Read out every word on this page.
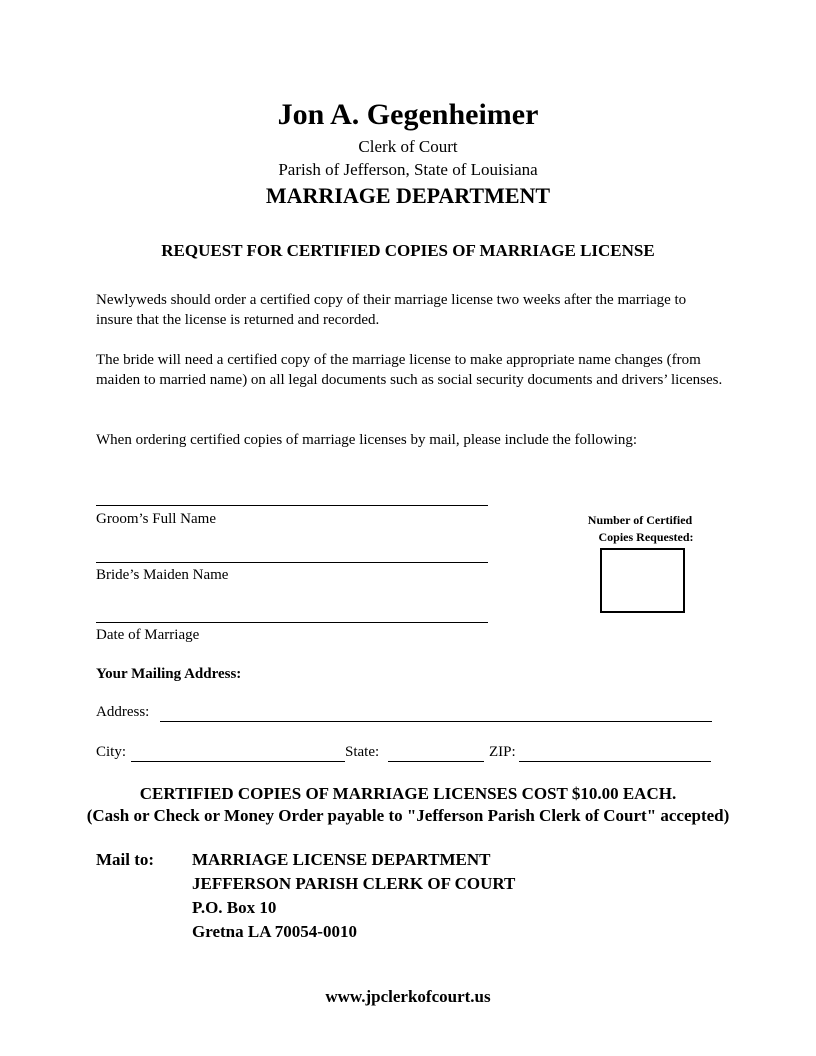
Jon A. Gegenheimer
Clerk of Court
Parish of Jefferson, State of Louisiana
MARRIAGE DEPARTMENT
REQUEST FOR CERTIFIED COPIES OF MARRIAGE LICENSE
Newlyweds should order a certified copy of their marriage license two weeks after the marriage to insure that the license is returned and recorded.
The bride will need a certified copy of the marriage license to make appropriate name changes (from maiden to married name) on all legal documents such as social security documents and drivers’ licenses.
When ordering certified copies of marriage licenses by mail, please include the following:
Groom’s Full Name
Bride’s Maiden Name
Date of Marriage
Number of Certified
Copies Requested:
Your Mailing Address:
Address:
City:	State:	ZIP:
CERTIFIED COPIES OF MARRIAGE LICENSES COST $10.00 EACH.
(Cash or Check or Money Order payable to "Jefferson Parish Clerk of Court" accepted)
Mail to: MARRIAGE LICENSE DEPARTMENT
JEFFERSON PARISH CLERK OF COURT
P.O. Box 10
Gretna LA 70054-0010
www.jpclerkofcourt.us
